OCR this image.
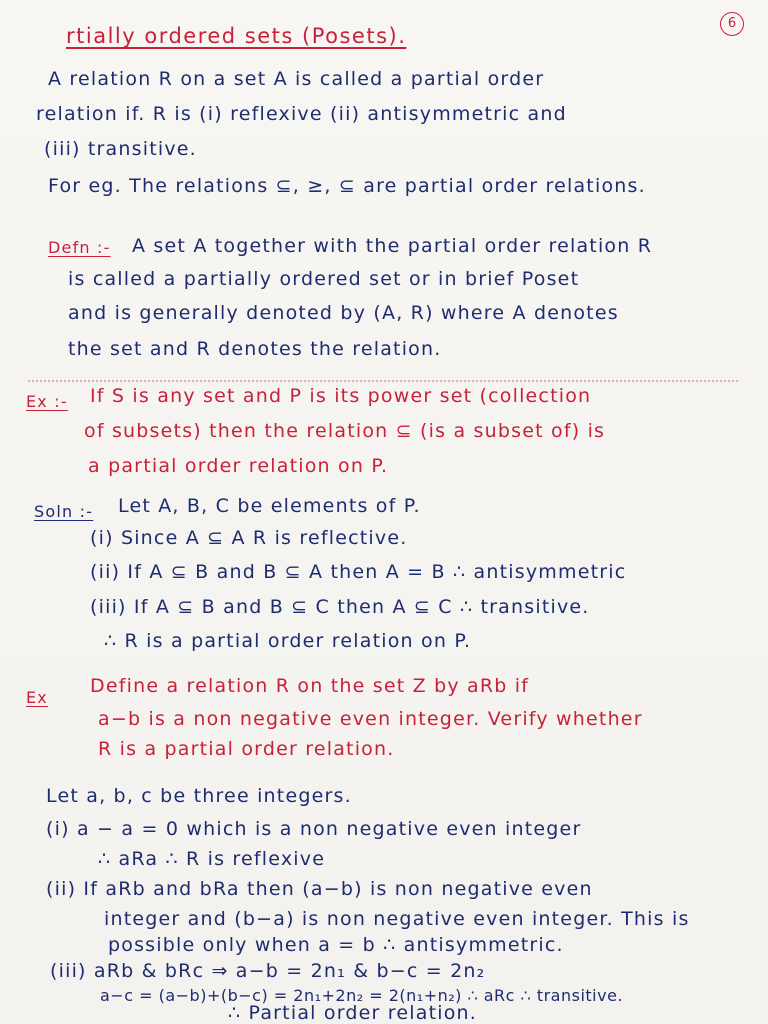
6
rtially ordered sets (Posets).
A relation R on a set A is called a partial order
relation if. R is (i) reflexive (ii) antisymmetric and
(iii) transitive.
For eg. The relations ⊆, ≥, ⊆ are partial order relations.
Defn :- A set A together with the partial order relation R
is called a partially ordered set or in brief Poset
and is generally denoted by (A, R) where A denotes
the set and R denotes the relation.
Ex :- If S is any set and P is its power set (collection
of subsets) then the relation ⊆ (is a subset of) is
a partial order relation on P.
Soln :- Let A, B, C be elements of P.
(i) Since A ⊆ A R is reflective.
(ii) If A ⊆ B and B ⊆ A then A = B ∴ antisymmetric
(iii) If A ⊆ B and B ⊆ C then A ⊆ C ∴ transitive.
∴ R is a partial order relation on P.
Ex
Define a relation R on the set Z by aRb if
a−b is a non negative even integer. Verify whether
R is a partial order relation.
Let a, b, c be three integers.
(i) a − a = 0 which is a non negative even integer
∴ aRa ∴ R is reflexive
(ii) If aRb and bRa then (a−b) is non negative even
integer and (b−a) is non negative even integer. This is
possible only when a = b ∴ antisymmetric.
(iii) aRb & bRc ⇒ a−b = 2n₁ & b−c = 2n₂
a−c = (a−b)+(b−c) = 2n₁+2n₂ = 2(n₁+n₂) ∴ aRc ∴ transitive.
∴ Partial order relation.
